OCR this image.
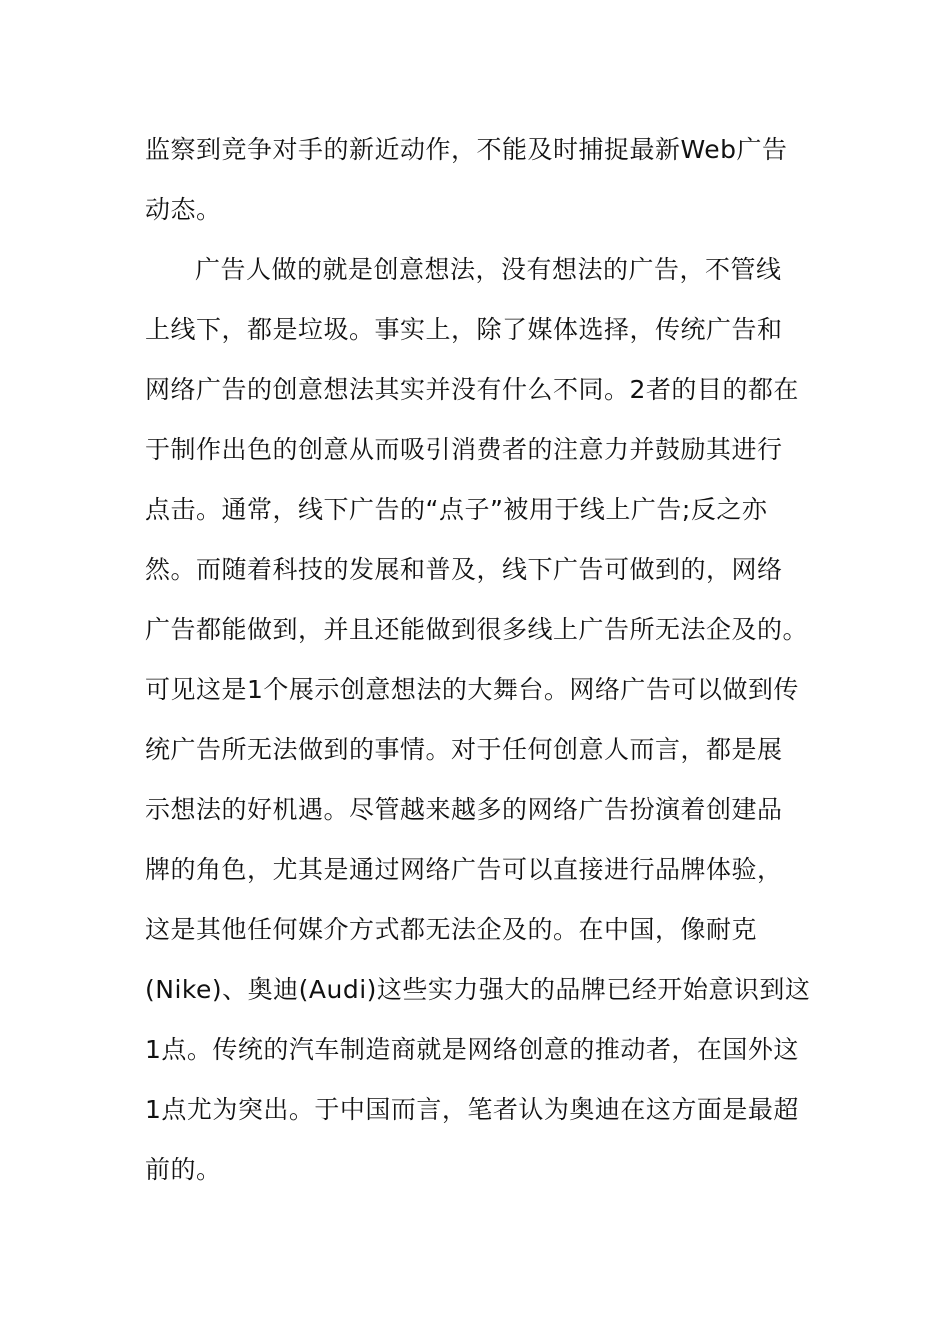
监察到竞争对手的新近动作，不能及时捕捉最新Web广告
动态。
广告人做的就是创意想法，没有想法的广告，不管线
上线下，都是垃圾。事实上，除了媒体选择，传统广告和
网络广告的创意想法其实并没有什么不同。2者的目的都在
于制作出色的创意从而吸引消费者的注意力并鼓励其进行
点击。通常，线下广告的“点子”被用于线上广告;反之亦
然。而随着科技的发展和普及，线下广告可做到的，网络
广告都能做到，并且还能做到很多线上广告所无法企及的。
可见这是1个展示创意想法的大舞台。网络广告可以做到传
统广告所无法做到的事情。对于任何创意人而言，都是展
示想法的好机遇。尽管越来越多的网络广告扮演着创建品
牌的角色，尤其是通过网络广告可以直接进行品牌体验，
这是其他任何媒介方式都无法企及的。在中国，像耐克
(Nike)、奥迪(Audi)这些实力强大的品牌已经开始意识到这
1点。传统的汽车制造商就是网络创意的推动者，在国外这
1点尤为突出。于中国而言，笔者认为奥迪在这方面是最超
前的。
